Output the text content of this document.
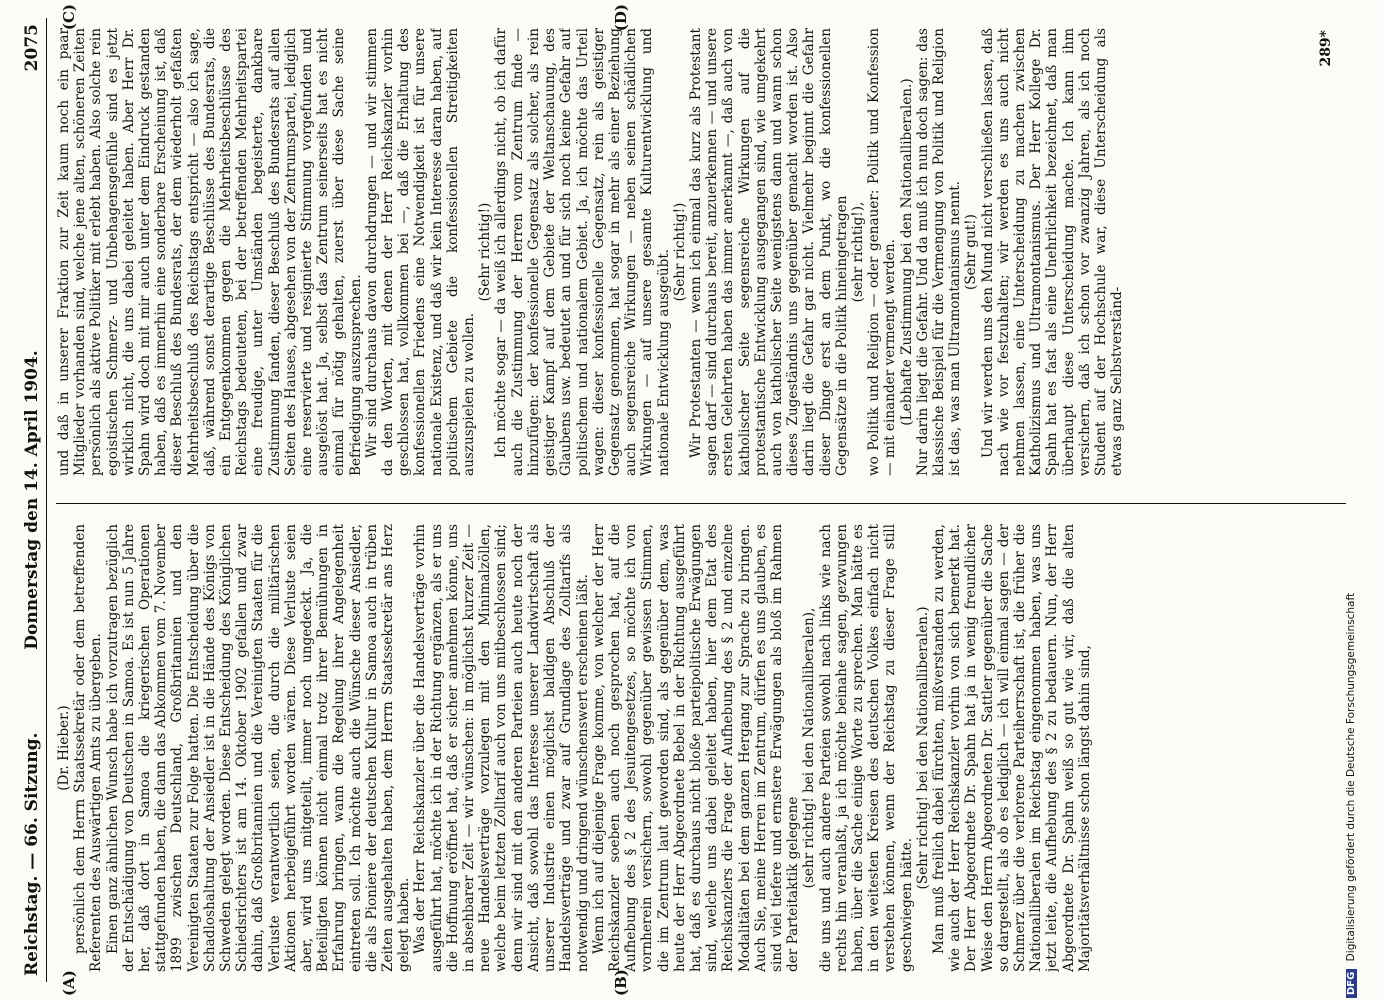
Reichstag. — 66. Sitzung.
Donnerstag den 14. April 1904.
2075
(A)	(B)
(C)	(D)

(Dr. Hieber.) persönlich dem Herrn Staatssekretär oder dem betreffenden Referenten des Auswärtigen Amts zu übergeben. Einen ganz ähnlichen Wunsch habe ich vorzutragen bezüglich der Entschädigung von Deutschen in Samoa. Es ist nun 5 Jahre her, daß dort in Samoa die kriegerischen Operationen stattgefunden haben, die dann das Abkommen vom 7. November 1899 zwischen Deutschland, Großbritannien und den Vereinigten Staaten zur Folge hatten. Die Entscheidung über die Schadloshaltung der Ansiedler ist in die Hände des Königs von Schweden gelegt worden. Diese Entscheidung des Königlichen Schiedsrichters ist am 14. Oktober 1902 gefallen und zwar dahin, daß Großbritannien und die Vereinigten Staaten für die Verluste verantwortlich seien, die durch die militärischen Aktionen herbeigeführt worden wären. Diese Verluste seien aber, wird uns mitgeteilt, immer noch ungedeckt. Ja, die Beteiligten können nicht einmal trotz ihrer Bemühungen in Erfahrung bringen, wann die Regelung ihrer Angelegenheit eintreten soll. Ich möchte auch die Wünsche dieser Ansiedler, die als Pioniere der deutschen Kultur in Samoa auch in trüben Zeiten ausgehalten haben, dem Herrn Staatssekretär ans Herz gelegt haben. Was der Herr Reichskanzler über die Handelsverträge vorhin ausgeführt hat, möchte ich in der Richtung ergänzen, als er uns die Hoffnung eröffnet hat, daß er sicher annehmen könne, uns in absehbarer Zeit — wir wünschen: in möglichst kurzer Zeit — neue Handelsverträge vorzulegen mit den Minimalzöllen, welche beim letzten Zolltarif auch von uns mitbeschlossen sind; denn wir sind mit den anderen Parteien auch heute noch der Ansicht, daß sowohl das Interesse unserer Landwirtschaft als unserer Industrie einen möglichst baldigen Abschluß der Handelsverträge und zwar auf Grundlage des Zolltarifs als notwendig und dringend wünschenswert erscheinen läßt. Wenn ich auf diejenige Frage komme, von welcher der Herr Reichskanzler soeben auch noch gesprochen hat, auf die Aufhebung des § 2 des Jesuitengesetzes, so möchte ich von vornherein versichern, sowohl gegenüber gewissen Stimmen, die im Zentrum laut geworden sind, als gegenüber dem, was heute der Herr Abgeordnete Bebel in der Richtung ausgeführt hat, daß es durchaus nicht bloße parteipolitische Erwägungen sind, welche uns dabei geleitet haben, hier dem Etat des Reichskanzlers die Frage der Aufhebung des § 2 und einzelne Modalitäten bei dem ganzen Hergang zur Sprache zu bringen. Auch Sie, meine Herren im Zentrum, dürfen es uns glauben, es sind viel tiefere und ernstere Erwägungen als bloß im Rahmen der Parteitaktik gelegene (sehr richtig! bei den Nationalliberalen), die uns und auch andere Parteien sowohl nach links wie nach rechts hin veranlaßt, ja ich möchte beinahe sagen, gezwungen haben, über die Sache einige Worte zu sprechen. Man hätte es in den weitesten Kreisen des deutschen Volkes einfach nicht verstehen können, wenn der Reichstag zu dieser Frage still geschwiegen hätte.

(Sehr richtig! bei den Nationalliberalen.) Man muß freilich dabei fürchten, mißverstanden zu werden, wie auch der Herr Reichskanzler vorhin von sich bemerkt hat. Der Herr Abgeordnete Dr. Spahn hat ja in wenig freundlicher Weise den Herrn Abgeordneten Dr. Sattler gegenüber die Sache so dargestellt, als ob es lediglich — ich will einmal sagen — der Schmerz über die verlorene Parteiherrschaft ist, die früher die Nationalliberalen im Reichstag eingenommen haben, was uns jetzt leite, die Aufhebung des § 2 zu bedauern. Nun, der Herr Abgeordnete Dr. Spahn weiß so gut wie wir, daß die alten Majoritätsverhältnisse schon längst dahin sind,

und daß in unserer Fraktion zur Zeit kaum noch ein paar Mitglieder vorhanden sind, welche jene alten, schöneren Zeiten persönlich als aktive Politiker mit erlebt haben. Also solche rein egoistischen Schmerz- und Unbehagensgefühle sind es jetzt wirklich nicht, die uns dabei geleitet haben. Aber Herr Dr. Spahn wird doch mit mir auch unter dem Eindruck gestanden haben, daß es immerhin eine sonderbare Erscheinung ist, daß dieser Beschluß des Bundesrats, der dem wiederholt gefaßten Mehrheitsbeschluß des Reichstags entspricht — also ich sage, daß, während sonst derartige Beschlüsse des Bundesrats, die ein Entgegenkommen gegen die Mehrheitsbeschlüsse des Reichstags bedeuteten, bei der betreffenden Mehrheitspartei eine freudige, unter Umständen begeisterte, dankbare Zustimmung fanden, dieser Beschluß des Bundesrats auf allen Seiten des Hauses, abgesehen von der Zentrumspartei, lediglich eine reservierte und resignierte Stimmung vorgefunden und ausgelöst hat. Ja, selbst das Zentrum seinerseits hat es nicht einmal für nötig gehalten, zuerst über diese Sache seine Befriedigung auszusprechen. Wir sind durchaus davon durchdrungen — und wir stimmen da den Worten, mit denen der Herr Reichskanzler vorhin geschlossen hat, vollkommen bei —, daß die Erhaltung des konfessionellen Friedens eine Notwendigkeit ist für unsere nationale Existenz, und daß wir kein Interesse daran haben, auf politischem Gebiete die konfessionellen Streitigkeiten auszuspielen zu wollen.

(Sehr richtig!) Ich möchte sogar — da weiß ich allerdings nicht, ob ich dafür auch die Zustimmung der Herren vom Zentrum finde — hinzufügen: der konfessionelle Gegensatz als solcher, als rein geistiger Kampf auf dem Gebiete der Weltanschauung, des Glaubens usw. bedeutet an und für sich noch keine Gefahr auf politischem und nationalem Gebiet. Ja, ich möchte das Urteil wagen: dieser konfessionelle Gegensatz, rein als geistiger Gegensatz genommen, hat sogar in mehr als einer Beziehung auch segensreiche Wirkungen — neben seinen schädlichen Wirkungen — auf unsere gesamte Kulturentwicklung und nationale Entwicklung ausgeübt. (Sehr richtig!) Wir Protestanten — wenn ich einmal das kurz als Protestant sagen darf — sind durchaus bereit, anzuerkennen — und unsere ersten Gelehrten haben das immer anerkannt —, daß auch von katholischer Seite segensreiche Wirkungen auf die protestantische Entwicklung ausgegangen sind, wie umgekehrt auch von katholischer Seite wenigstens dann und wann schon dieses Zugeständnis uns gegenüber gemacht worden ist. Also darin liegt die Gefahr gar nicht. Vielmehr beginnt die Gefahr dieser Dinge erst an dem Punkt, wo die konfessionellen Gegensätze in die Politik hineingetragen (sehr richtig!), wo Politik und Religion — oder genauer: Politik und Konfession — mit einander vermengt werden. (Lebhafte Zustimmung bei den Nationalliberalen.) Nur darin liegt die Gefahr. Und da muß ich nun doch sagen: das klassische Beispiel für die Vermengung von Politik und Religion ist das, was man Ultramontanismus nennt. (Sehr gut!) Und wir werden uns den Mund nicht verschließen lassen, daß nach wie vor festzuhalten; wir werden es uns auch nicht nehmen lassen, eine Unterscheidung zu machen zwischen Katholizismus und Ultramontanismus. Der Herr Kollege Dr. Spahn hat es fast als eine Unehrlichkeit bezeichnet, daß man überhaupt diese Unterscheidung mache. Ich kann ihm versichern, daß ich schon vor zwanzig Jahren, als ich noch Student auf der Hochschule war, diese Unterscheidung als etwas ganz Selbstverständ-

289*
DFG Digitalisierung gefördert durch die Deutsche Forschungsgemeinschaft
